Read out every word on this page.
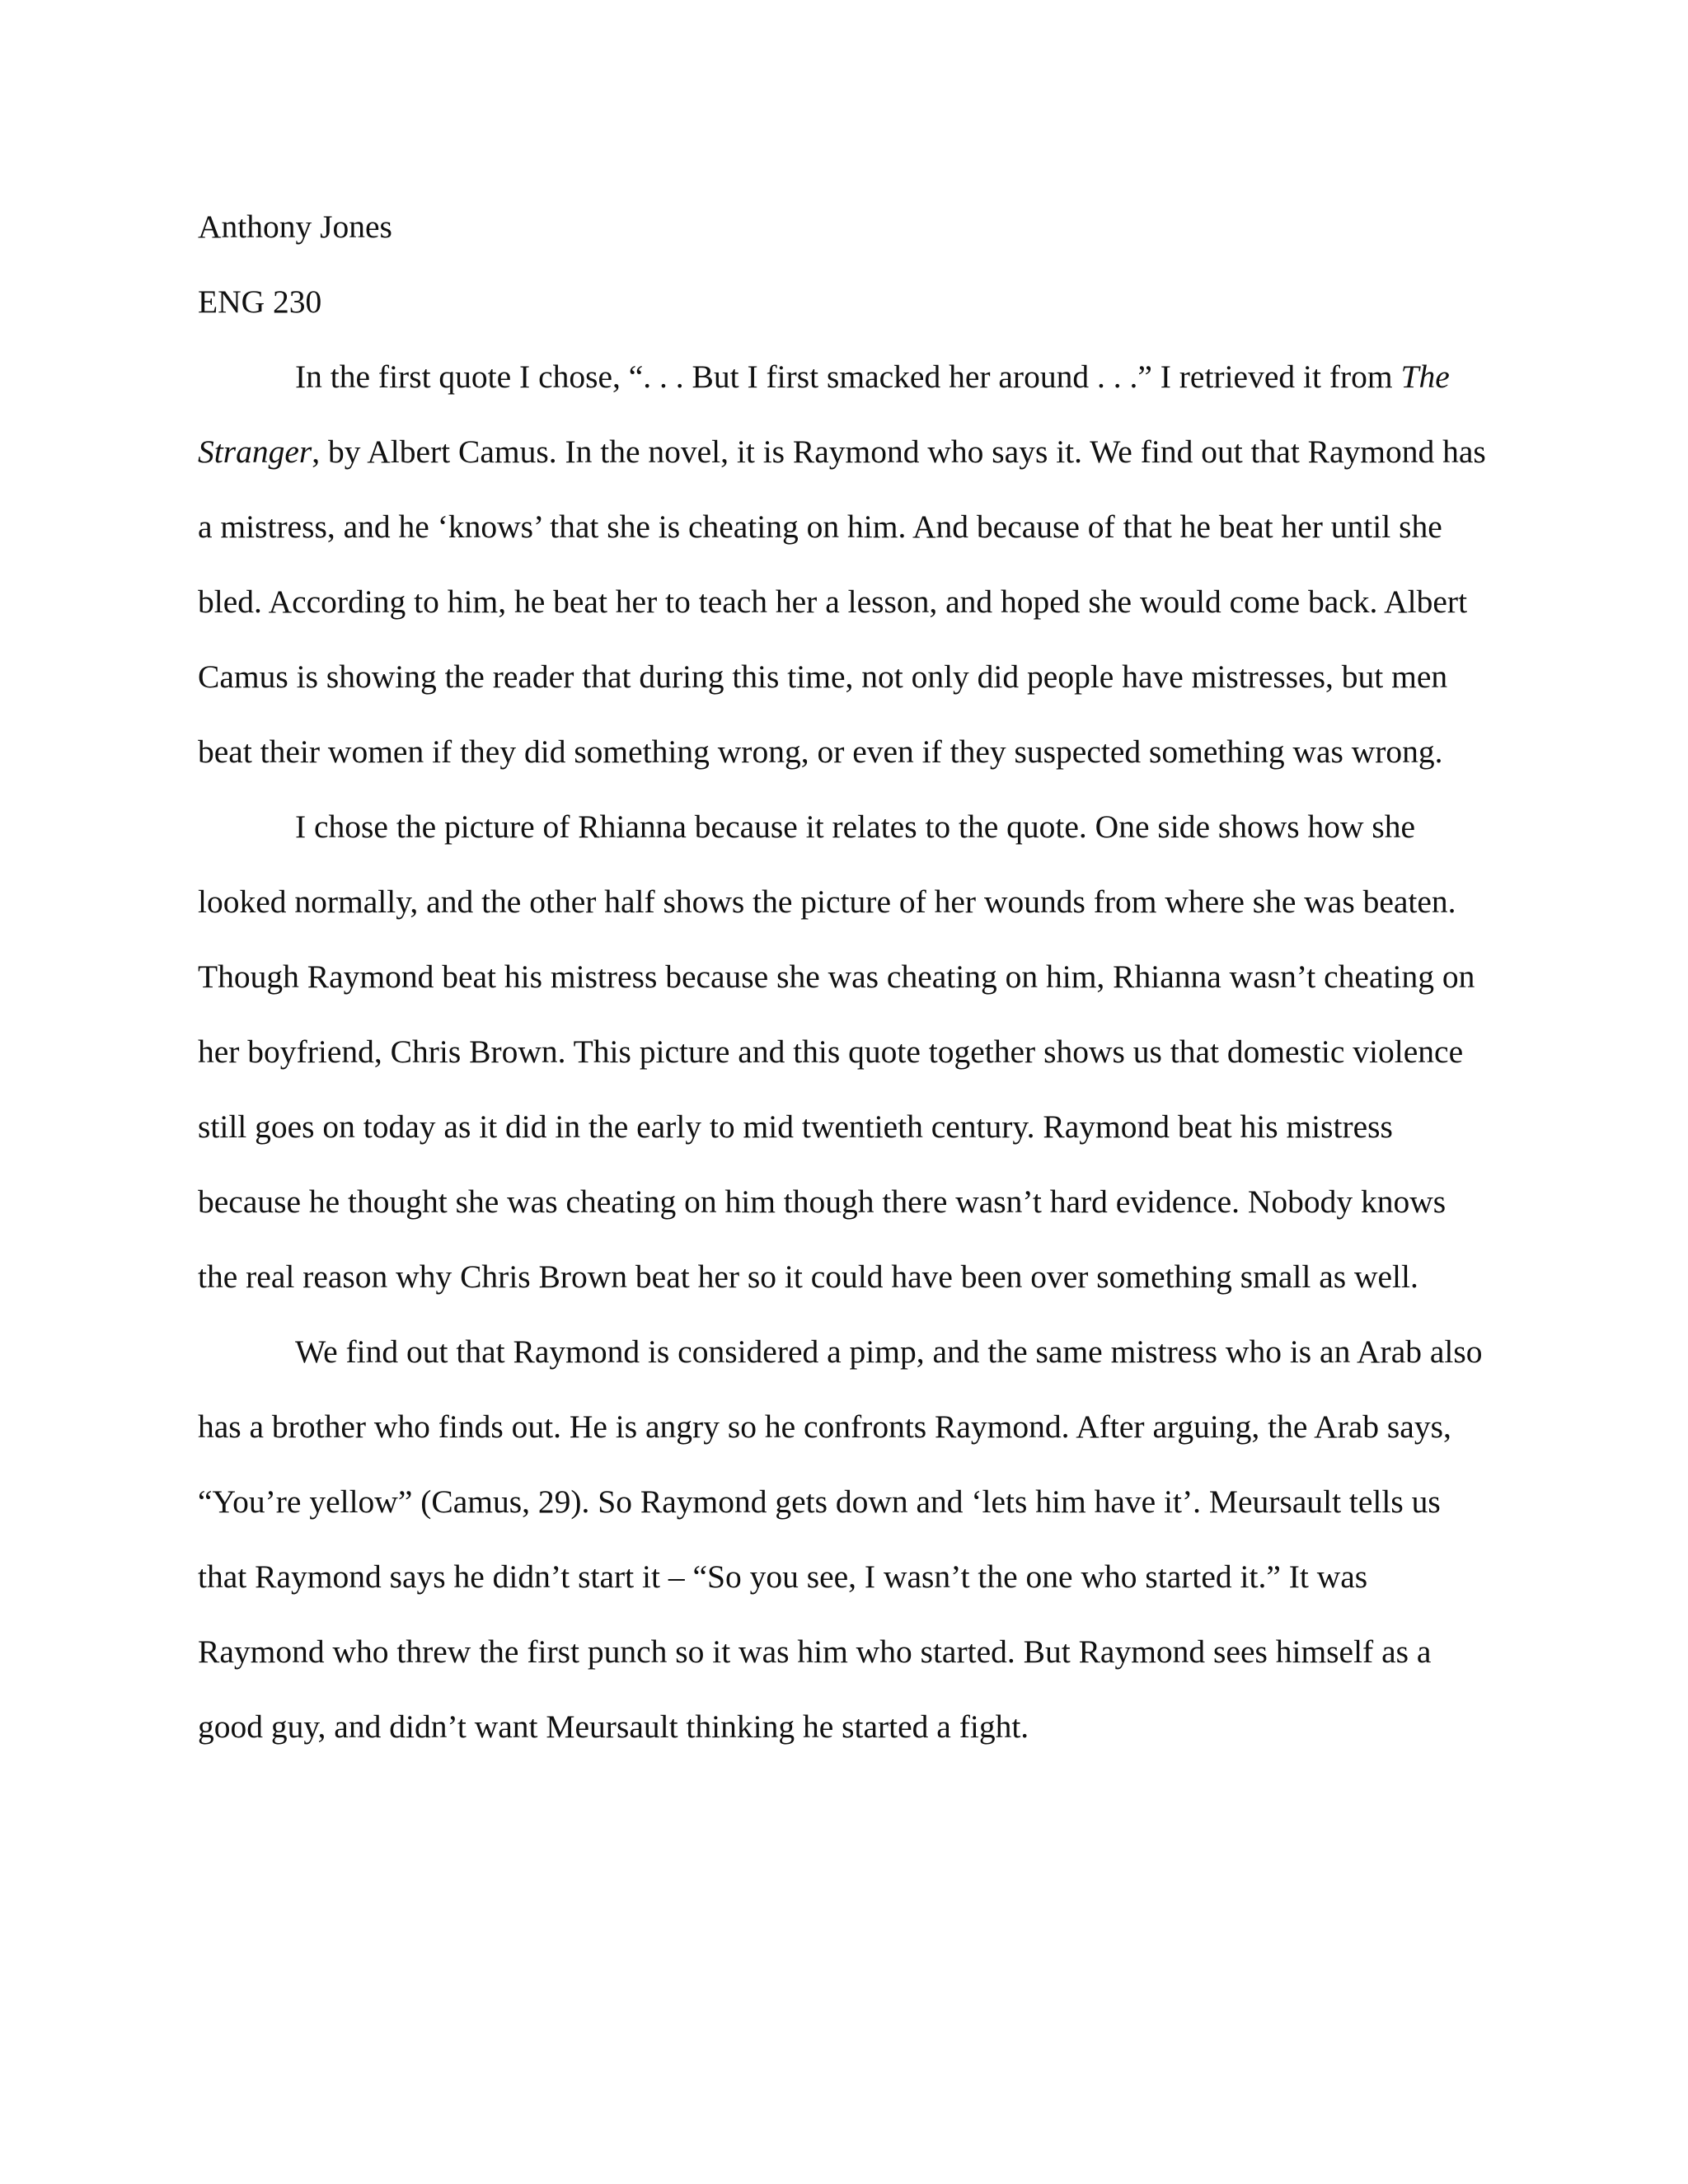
Anthony Jones

ENG 230

In the first quote I chose, “. . . But I first smacked her around . . .” I retrieved it from The Stranger, by Albert Camus. In the novel, it is Raymond who says it. We find out that Raymond has a mistress, and he ‘knows’ that she is cheating on him. And because of that he beat her until she bled. According to him, he beat her to teach her a lesson, and hoped she would come back. Albert Camus is showing the reader that during this time, not only did people have mistresses, but men beat their women if they did something wrong, or even if they suspected something was wrong.

I chose the picture of Rhianna because it relates to the quote. One side shows how she looked normally, and the other half shows the picture of her wounds from where she was beaten. Though Raymond beat his mistress because she was cheating on him, Rhianna wasn’t cheating on her boyfriend, Chris Brown. This picture and this quote together shows us that domestic violence still goes on today as it did in the early to mid twentieth century. Raymond beat his mistress because he thought she was cheating on him though there wasn’t hard evidence. Nobody knows the real reason why Chris Brown beat her so it could have been over something small as well.

We find out that Raymond is considered a pimp, and the same mistress who is an Arab also has a brother who finds out. He is angry so he confronts Raymond. After arguing, the Arab says, “You’re yellow” (Camus, 29). So Raymond gets down and ‘lets him have it’. Meursault tells us that Raymond says he didn’t start it – “So you see, I wasn’t the one who started it.” It was Raymond who threw the first punch so it was him who started. But Raymond sees himself as a good guy, and didn’t want Meursault thinking he started a fight.
